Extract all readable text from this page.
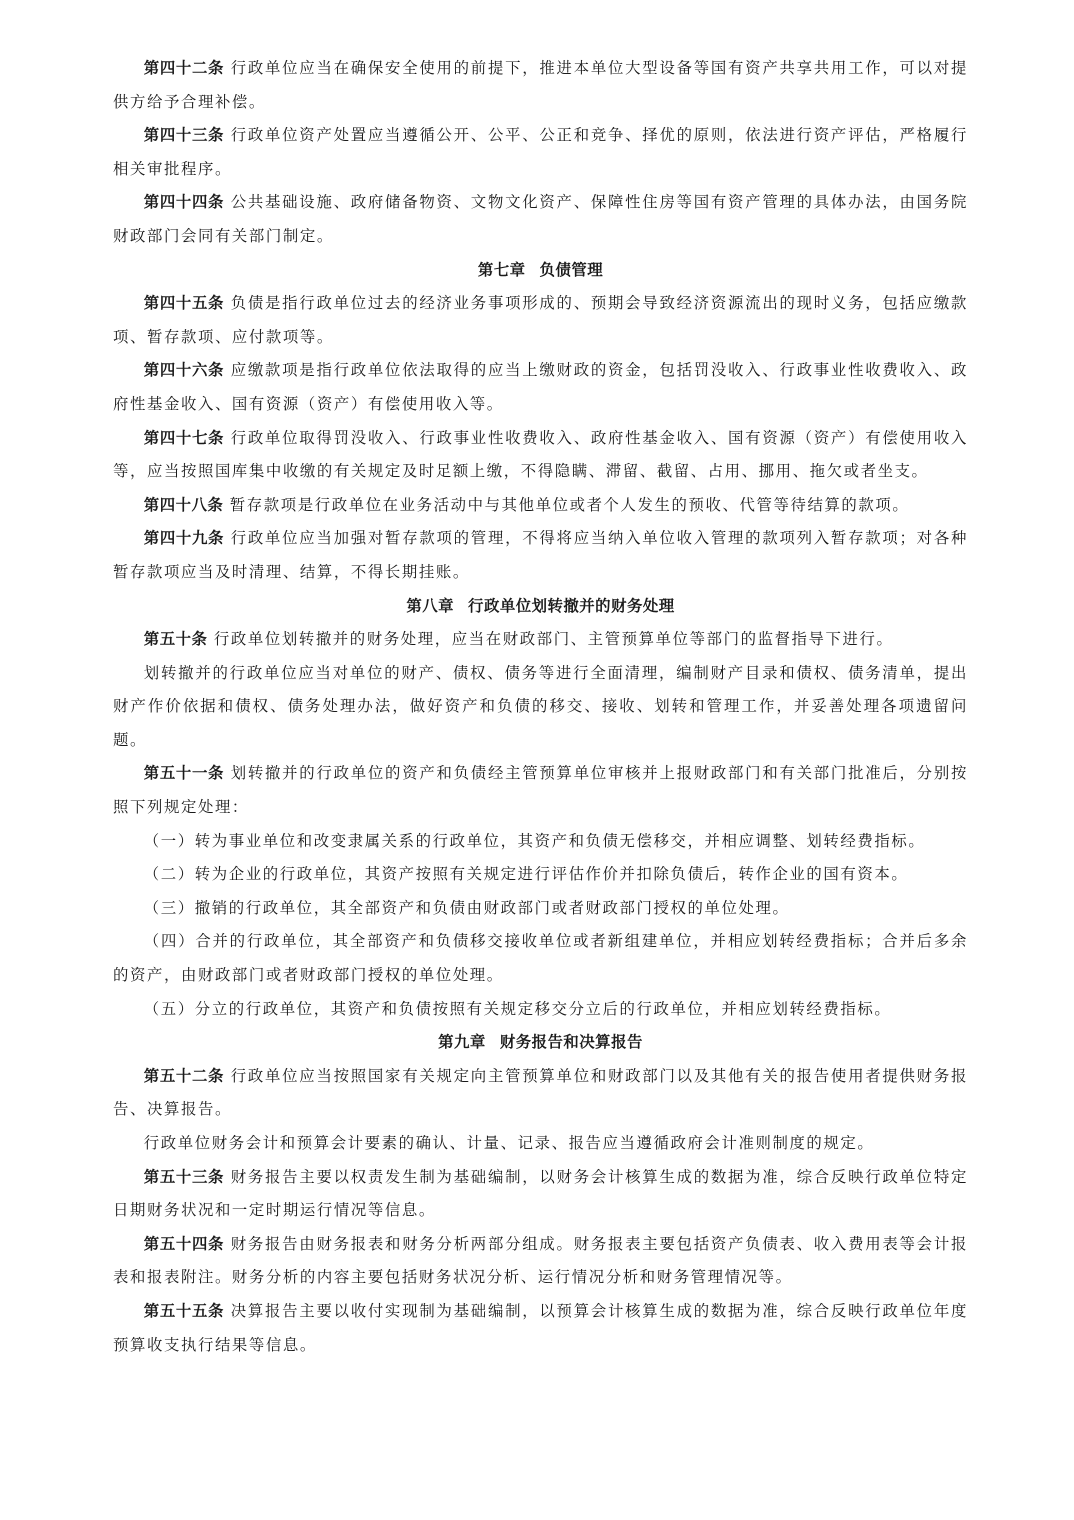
第四十二条 行政单位应当在确保安全使用的前提下，推进本单位大型设备等国有资产共享共用工作，可以对提供方给予合理补偿。

第四十三条 行政单位资产处置应当遵循公开、公平、公正和竞争、择优的原则，依法进行资产评估，严格履行相关审批程序。

第四十四条 公共基础设施、政府储备物资、文物文化资产、保障性住房等国有资产管理的具体办法，由国务院财政部门会同有关部门制定。

第七章 负债管理

第四十五条 负债是指行政单位过去的经济业务事项形成的、预期会导致经济资源流出的现时义务，包括应缴款项、暂存款项、应付款项等。

第四十六条 应缴款项是指行政单位依法取得的应当上缴财政的资金，包括罚没收入、行政事业性收费收入、政府性基金收入、国有资源（资产）有偿使用收入等。

第四十七条 行政单位取得罚没收入、行政事业性收费收入、政府性基金收入、国有资源（资产）有偿使用收入等，应当按照国库集中收缴的有关规定及时足额上缴，不得隐瞒、滞留、截留、占用、挪用、拖欠或者坐支。

第四十八条 暂存款项是行政单位在业务活动中与其他单位或者个人发生的预收、代管等待结算的款项。

第四十九条 行政单位应当加强对暂存款项的管理，不得将应当纳入单位收入管理的款项列入暂存款项；对各种暂存款项应当及时清理、结算，不得长期挂账。

第八章 行政单位划转撤并的财务处理

第五十条 行政单位划转撤并的财务处理，应当在财政部门、主管预算单位等部门的监督指导下进行。

划转撤并的行政单位应当对单位的财产、债权、债务等进行全面清理，编制财产目录和债权、债务清单，提出财产作价依据和债权、债务处理办法，做好资产和负债的移交、接收、划转和管理工作，并妥善处理各项遗留问题。

第五十一条 划转撤并的行政单位的资产和负债经主管预算单位审核并上报财政部门和有关部门批准后，分别按照下列规定处理：

（一）转为事业单位和改变隶属关系的行政单位，其资产和负债无偿移交，并相应调整、划转经费指标。

（二）转为企业的行政单位，其资产按照有关规定进行评估作价并扣除负债后，转作企业的国有资本。

（三）撤销的行政单位，其全部资产和负债由财政部门或者财政部门授权的单位处理。

（四）合并的行政单位，其全部资产和负债移交接收单位或者新组建单位，并相应划转经费指标；合并后多余的资产，由财政部门或者财政部门授权的单位处理。

（五）分立的行政单位，其资产和负债按照有关规定移交分立后的行政单位，并相应划转经费指标。

第九章 财务报告和决算报告

第五十二条 行政单位应当按照国家有关规定向主管预算单位和财政部门以及其他有关的报告使用者提供财务报告、决算报告。

行政单位财务会计和预算会计要素的确认、计量、记录、报告应当遵循政府会计准则制度的规定。

第五十三条 财务报告主要以权责发生制为基础编制，以财务会计核算生成的数据为准，综合反映行政单位特定日期财务状况和一定时期运行情况等信息。

第五十四条 财务报告由财务报表和财务分析两部分组成。财务报表主要包括资产负债表、收入费用表等会计报表和报表附注。财务分析的内容主要包括财务状况分析、运行情况分析和财务管理情况等。

第五十五条 决算报告主要以收付实现制为基础编制，以预算会计核算生成的数据为准，综合反映行政单位年度预算收支执行结果等信息。
